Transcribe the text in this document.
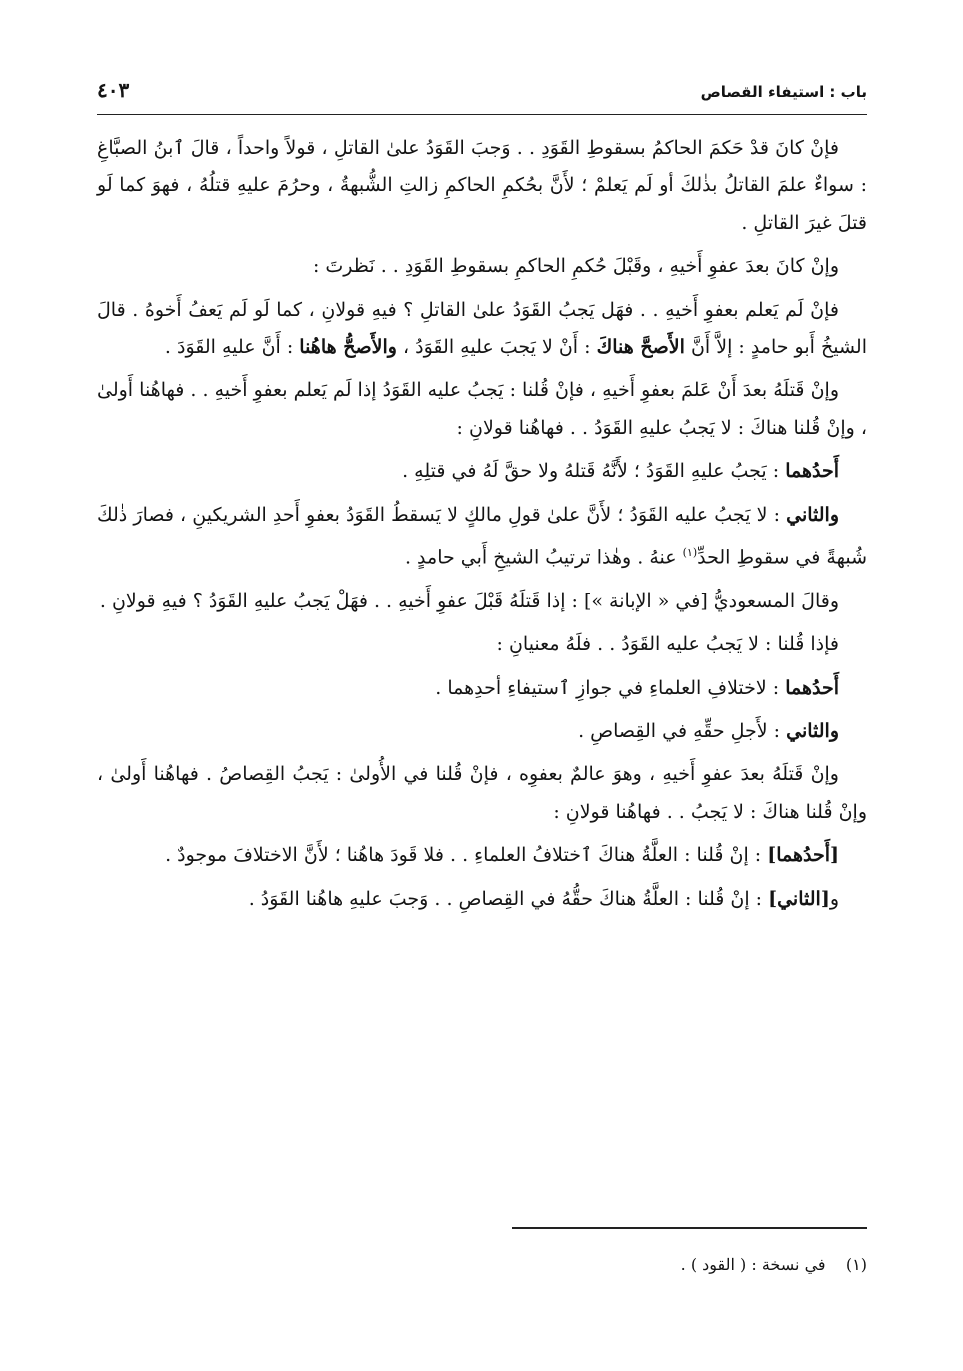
باب : استيفاء القصاص
٤٠٣

فإنْ كانَ قدْ حَكمَ الحاكمُ بسقوطِ القَوَدِ . . وَجبَ القَوَدُ علىٰ القاتلِ ، قولاً واحداً ، قالَ ٱبنُ الصبَّاغِ : سواءٌ علمَ القاتلُ بذٰلكَ أو لَم يَعلمْ ؛ لأَنَّ بحُكمِ الحاكمِ زالتِ الشُّبهةُ ، وحرُمَ عليهِ قتلُهُ ، فهوَ كما لَو قتلَ غيرَ القاتلِ .

وإنْ كانَ بعدَ عفوِ أَخيهِ ، وقَبْلَ حُكمِ الحاكمِ بسقوطِ القَوَدِ . . نَظرتَ :

فإنْ لَم يَعلم بعفوِ أَخيهِ . . فهَل يَجبُ القَوَدُ علىٰ القاتلِ ؟ فيهِ قولانِ ، كما لَو لَم يَعفُ أَخوهُ . قالَ الشيخُ أَبو حامدٍ : إلاَّ أَنَّ الأَصحَّ هناكَ : أَنْ لا يَجبَ عليهِ القَوَدُ ، والأَصحُّ هاهُنا : أَنَّ عليهِ القَوَدَ .

وإنْ قَتلَهُ بعدَ أَنْ عَلمَ بعفوِ أَخيهِ ، فإنْ قُلنا : يَجبُ عليه القَوَدُ إذا لَم يَعلم بعفوِ أَخيهِ . . فهاهُنا أَولىٰ ، وإنْ قُلنا هناكَ : لا يَجبُ عليهِ القَوَدُ . . فهاهُنا قولانِ :

أَحدُهما : يَجبُ عليهِ القَوَدُ ؛ لأَنَّهُ قَتلهُ ولا حقَّ لَهُ في قتلِهِ .

والثاني : لا يَجبُ عليه القَوَدُ ؛ لأَنَّ علىٰ قولِ مالكٍ لا يَسقطُ القَوَدُ بعفوِ أَحدِ الشريكينِ ، فصارَ ذٰلكَ شُبهةً في سقوطِ الحدِّ$^{(١)}$ عنهُ . وهٰذا ترتيبُ الشيخِ أَبي حامدٍ .

وقالَ المسعوديُّ [في « الإبانة »] : إذا قَتلَهُ قَبْلَ عفوِ أَخيهِ . . فهَلْ يَجبُ عليهِ القَوَدُ ؟ فيهِ قولانِ .

فإذا قُلنا : لا يَجبُ عليه القَوَدُ . . فلَهُ معنيانِ :

أَحدُهما : لاختلافِ العلماءِ في جوازِ ٱستيفاءِ أحدِهما .

والثاني : لأَجلِ حقِّهِ في القِصاصِ .

وإنْ قَتلَهُ بعدَ عفوِ أَخيهِ ، وهوَ عالمٌ بعفوِه ، فإنْ قُلنا في الأُولىٰ : يَجبُ القِصاصُ . فهاهُنا أَولىٰ ، وإنْ قُلنا هناكَ : لا يَجبُ . . فهاهُنا قولانِ :

[أَحدُهما] : إنْ قُلنا : العلَّةُ هناكَ ٱختلافُ العلماءِ . . فلا قَودَ هاهُنا ؛ لأَنَّ الاختلافَ موجودٌ .

و[الثاني] : إنْ قُلنا : العلَّةُ هناكَ حقُّهُ في القِصاصِ . . وَجبَ عليهِ هاهُنا القَوَدُ .

(١)    في نسخة : ( القود ) .
